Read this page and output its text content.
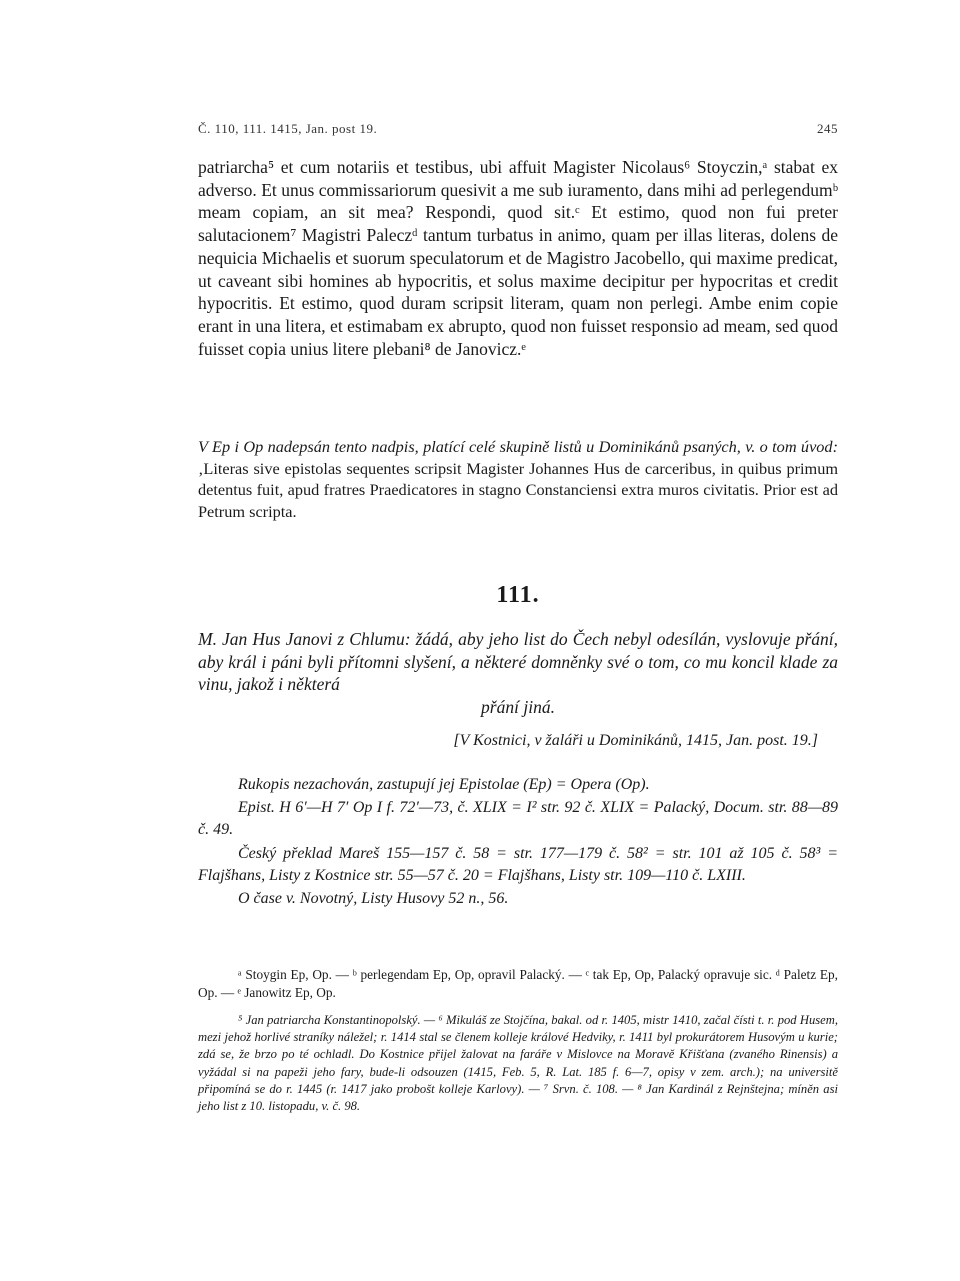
Č. 110, 111. 1415, Jan. post 19.	245
patriarcha⁵ et cum notariis et testibus, ubi affuit Magister Nicolaus⁶ Stoyczin,ᵃ stabat ex adverso. Et unus commissariorum quesivit a me sub iuramento, dans mihi ad perlegendumᵇ meam copiam, an sit mea? Respondi, quod sit.ᶜ Et estimo, quod non fui preter salutacionem⁷ Magistri Paleczᵈ tantum turbatus in animo, quam per illas literas, dolens de nequicia Michaelis et suorum speculatorum et de Magistro Jacobello, qui maxime predicat, ut caveant sibi homines ab hypocritis, et solus maxime decipitur per hypocritas et credit hypocritis. Et estimo, quod duram scripsit literam, quam non perlegi. Ambe enim copie erant in una litera, et estimabam ex abrupto, quod non fuisset responsio ad meam, sed quod fuisset copia unius litere plebani⁸ de Janovicz.ᵉ
V Ep i Op nadepsán tento nadpis, platící celé skupině listů u Dominikánů psaných, v. o tom úvod: ‚Literas sive epistolas sequentes scripsit Magister Johannes Hus de carceribus, in quibus primum detentus fuit, apud fratres Praedicatores in stagno Constanciensi extra muros civitatis. Prior est ad Petrum scripta.
111.
M. Jan Hus Janovi z Chlumu: žádá, aby jeho list do Čech nebyl odesílán, vyslovuje přání, aby král i páni byli přítomni slyšení, a některé domněnky své o tom, co mu koncil klade za vinu, jakož i některá
přání jiná.
[V Kostnici, v žaláři u Dominikánů, 1415, Jan. post. 19.]

Rukopis nezachován, zastupují jej Epistolae (Ep) = Opera (Op).

Epist. H 6′—H 7′ Op I f. 72′—73, č. XLIX = I² str. 92 č. XLIX = Palacký, Docum. str. 88—89 č. 49.

Český překlad Mareš 155—157 č. 58 = str. 177—179 č. 58² = str. 101 až 105 č. 58³ = Flajšhans, Listy z Kostnice str. 55—57 č. 20 = Flajšhans, Listy str. 109—110 č. LXIII.

O čase v. Novotný, Listy Husovy 52 n., 56.

ᵃ Stoygin Ep, Op. — ᵇ perlegendam Ep, Op, opravil Palacký. — ᶜ tak Ep, Op, Palacký opravuje sic. ᵈ Paletz Ep, Op. — ᵉ Janowitz Ep, Op.

⁵ Jan patriarcha Konstantinopolský. — ⁶ Mikuláš ze Stojčína, bakal. od r. 1405, mistr 1410, začal čísti t. r. pod Husem, mezi jehož horlivé straníky náležel; r. 1414 stal se členem kolleje králové Hedviky, r. 1411 byl prokurátorem Husovým u kurie; zdá se, že brzo po té ochladl. Do Kostnice přijel žalovat na faráře v Mislovce na Moravě Křišťana (zvaného Rinensis) a vyžádal si na papeži jeho fary, bude-li odsouzen (1415, Feb. 5, R. Lat. 185 f. 6—7, opisy v zem. arch.); na universitě připomíná se do r. 1445 (r. 1417 jako probošt kolleje Karlovy). — ⁷ Srvn. č. 108. — ⁸ Jan Kardinál z Rejnštejna; míněn asi jeho list z 10. listopadu, v. č. 98.
